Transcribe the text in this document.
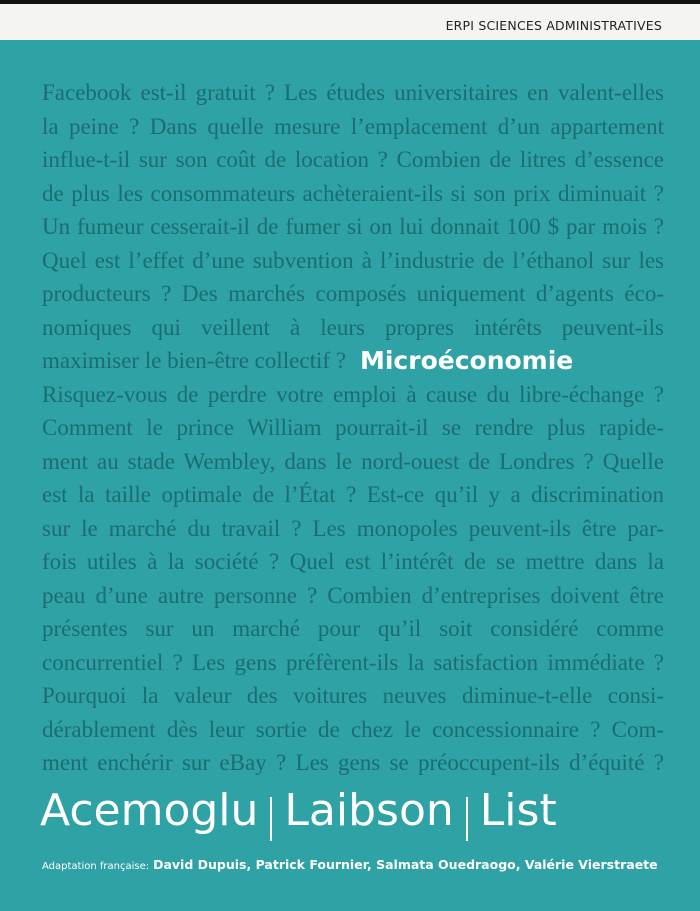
ERPI SCIENCES ADMINISTRATIVES
Facebook est-il gratuit ? Les études universitaires en valent-elles
la peine ? Dans quelle mesure l’emplacement d’un appartement
influe-t-il sur son coût de location ? Combien de litres d’essence
de plus les consommateurs achèteraient-ils si son prix diminuait ?
Un fumeur cesserait-il de fumer si on lui donnait 100 $ par mois ?
Quel est l’effet d’une subvention à l’industrie de l’éthanol sur les
producteurs ? Des marchés composés uniquement d’agents éco-
nomiques qui veillent à leurs propres intérêts peuvent-ils
maximiser le bien-être collectif ? Microéconomie
Risquez-vous de perdre votre emploi à cause du libre-échange ?
Comment le prince William pourrait-il se rendre plus rapide-
ment au stade Wembley, dans le nord-ouest de Londres ? Quelle
est la taille optimale de l’État ? Est-ce qu’il y a discrimination
sur le marché du travail ? Les monopoles peuvent-ils être par-
fois utiles à la société ? Quel est l’intérêt de se mettre dans la
peau d’une autre personne ? Combien d’entreprises doivent être
présentes sur un marché pour qu’il soit considéré comme
concurrentiel ? Les gens préfèrent-ils la satisfaction immédiate ?
Pourquoi la valeur des voitures neuves diminue-t-elle consi-
dérablement dès leur sortie de chez le concessionnaire ? Com-
ment enchérir sur eBay ? Les gens se préoccupent-ils d’équité ?
Acemoglu Laibson List
Adaptation française: David Dupuis, Patrick Fournier, Salmata Ouedraogo, Valérie Vierstraete
